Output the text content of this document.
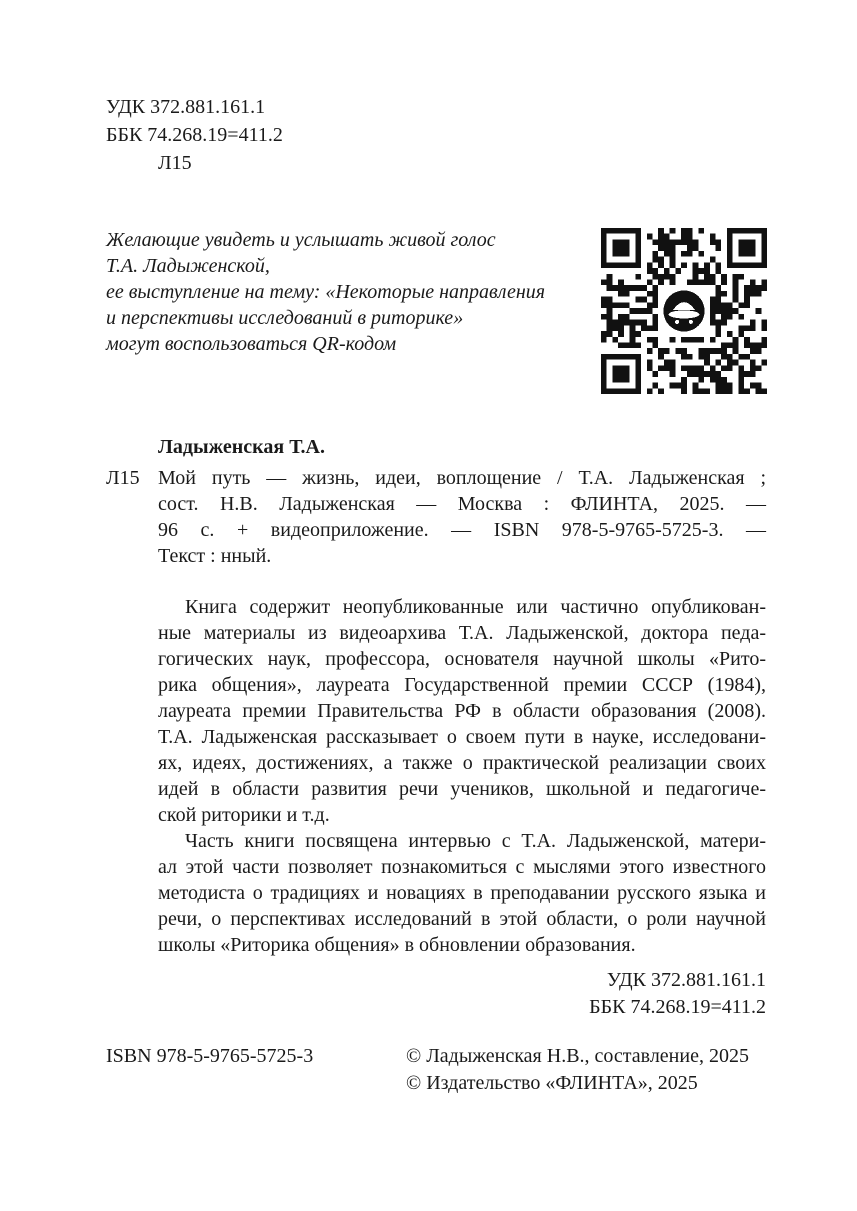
УДК 372.881.161.1
ББК 74.268.19=411.2
Л15
Желающие увидеть и услышать живой голос
Т.А. Ладыженской,
ее выступление на тему: «Некоторые направления
и перспективы исследований в риторике»
могут воспользоваться QR-кодом
Ладыженская Т.А.
Л15 Мой путь — жизнь, идеи, воплощение / Т.А. Ладыженская ;
сост. Н.В. Ладыженская — Москва : ФЛИНТА, 2025. —
96 с. + видеоприложение. — ISBN 978-5-9765-5725-3. —
Текст : нный.
Книга содержит неопубликованные или частично опубликован-
ные материалы из видеоархива Т.А. Ладыженской, доктора педа-
гогических наук, профессора, основателя научной школы «Рито-
рика общения», лауреата Государственной премии СССР (1984),
лауреата премии Правительства РФ в области образования (2008).
Т.А. Ладыженская рассказывает о своем пути в науке, исследовани-
ях, идеях, достижениях, а также о практической реализации своих
идей в области развития речи учеников, школьной и педагогиче-
ской риторики и т.д.
Часть книги посвящена интервью с Т.А. Ладыженской, матери-
ал этой части позволяет познакомиться с мыслями этого известного
методиста о традициях и новациях в преподавании русского языка и
речи, о перспективах исследований в этой области, о роли научной
школы «Риторика общения» в обновлении образования.
УДК 372.881.161.1
ББК 74.268.19=411.2
ISBN 978-5-9765-5725-3	© Ладыженская Н.В., составление, 2025
© Издательство «ФЛИНТА», 2025
